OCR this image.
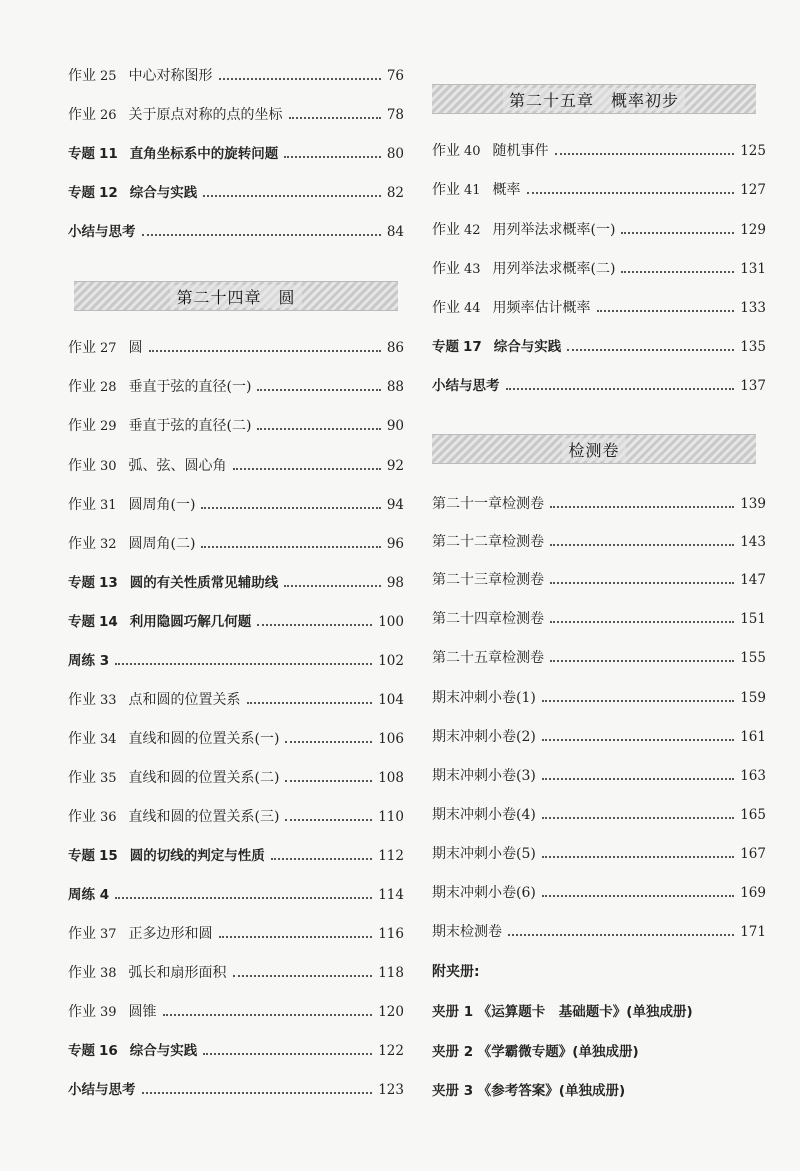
作业 25 中心对称图形	76
作业 26 关于原点对称的点的坐标	78
专题 11 直角坐标系中的旋转问题	80
专题 12 综合与实践	82
小结与思考	84
第二十四章　圆
作业 27 圆	86
作业 28 垂直于弦的直径(一)	88
作业 29 垂直于弦的直径(二)	90
作业 30 弧、弦、圆心角	92
作业 31 圆周角(一)	94
作业 32 圆周角(二)	96
专题 13 圆的有关性质常见辅助线	98
专题 14 利用隐圆巧解几何题	100
周练 3	102
作业 33 点和圆的位置关系	104
作业 34 直线和圆的位置关系(一)	106
作业 35 直线和圆的位置关系(二)	108
作业 36 直线和圆的位置关系(三)	110
专题 15 圆的切线的判定与性质	112
周练 4	114
作业 37 正多边形和圆	116
作业 38 弧长和扇形面积	118
作业 39 圆锥	120
专题 16 综合与实践	122
小结与思考	123
第二十五章　概率初步
作业 40 随机事件	125
作业 41 概率	127
作业 42 用列举法求概率(一)	129
作业 43 用列举法求概率(二)	131
作业 44 用频率估计概率	133
专题 17 综合与实践	135
小结与思考	137
检测卷
第二十一章检测卷	139
第二十二章检测卷	143
第二十三章检测卷	147
第二十四章检测卷	151
第二十五章检测卷	155
期末冲刺小卷(1)	159
期末冲刺小卷(2)	161
期末冲刺小卷(3)	163
期末冲刺小卷(4)	165
期末冲刺小卷(5)	167
期末冲刺小卷(6)	169
期末检测卷	171
附夹册:
夹册 1 《运算题卡　基础题卡》(单独成册)
夹册 2 《学霸微专题》(单独成册)
夹册 3 《参考答案》(单独成册)
